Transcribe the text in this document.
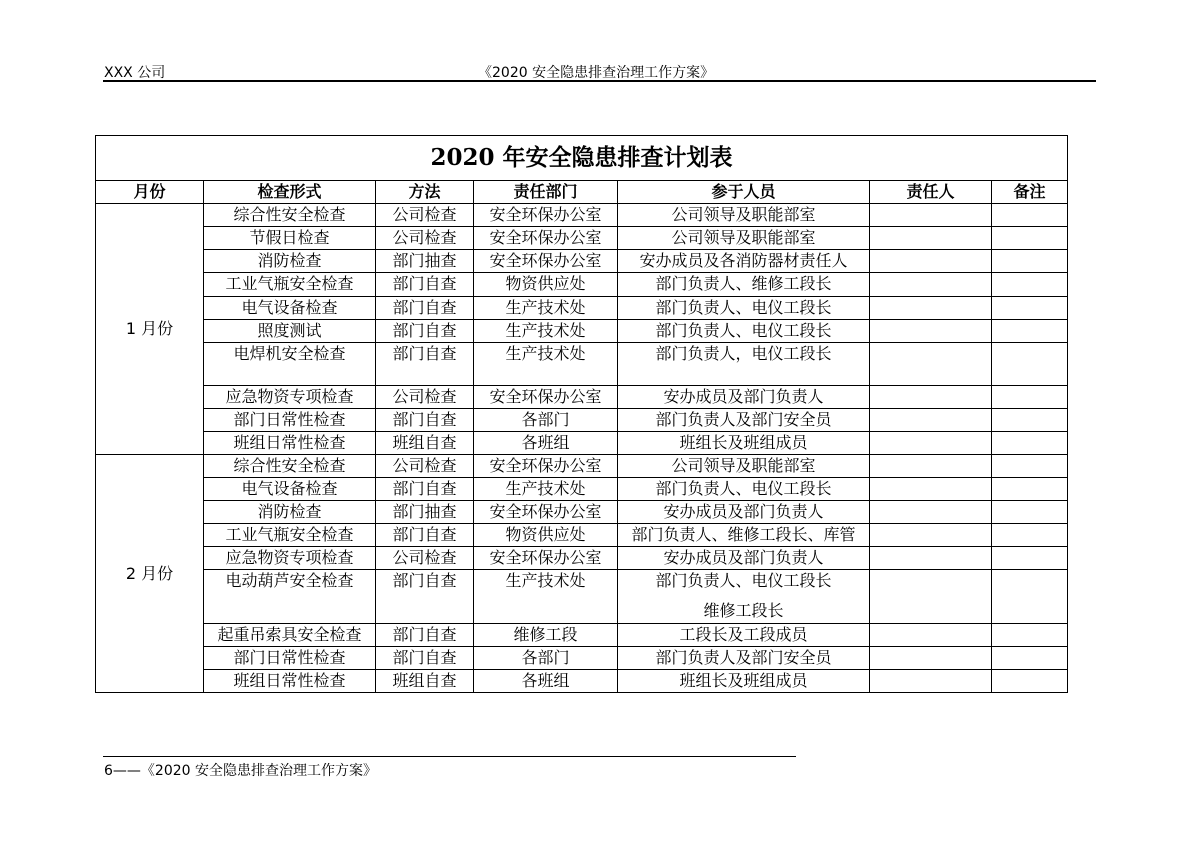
XXX 公司	《2020 安全隐患排查治理工作方案》
2020 年安全隐患排查计划表						
月份	检查形式	方法	责任部门	参于人员	责任人	备注
1 月份	综合性安全检查	公司检查	安全环保办公室	公司领导及职能部室		
	节假日检查	公司检查	安全环保办公室	公司领导及职能部室		
	消防检查	部门抽查	安全环保办公室	安办成员及各消防器材责任人		
	工业气瓶安全检查	部门自查	物资供应处	部门负责人、维修工段长		
	电气设备检查	部门自查	生产技术处	部门负责人、电仪工段长		
	照度测试	部门自查	生产技术处	部门负责人、电仪工段长		
	电焊机安全检查	部门自查	生产技术处	部门负责人，电仪工段长		
	应急物资专项检查	公司检查	安全环保办公室	安办成员及部门负责人		
	部门日常性检查	部门自查	各部门	部门负责人及部门安全员		
	班组日常性检查	班组自查	各班组	班组长及班组成员		
2 月份	综合性安全检查	公司检查	安全环保办公室	公司领导及职能部室		
	电气设备检查	部门自查	生产技术处	部门负责人、电仪工段长		
	消防检查	部门抽查	安全环保办公室	安办成员及部门负责人		
	工业气瓶安全检查	部门自查	物资供应处	部门负责人、维修工段长、库管		
	应急物资专项检查	公司检查	安全环保办公室	安办成员及部门负责人		
	电动葫芦安全检查	部门自查	生产技术处	部门负责人、电仪工段长
维修工段长		

	起重吊索具安全检查	部门自查	维修工段	工段长及工段成员		
	部门日常性检查	部门自查	各部门	部门负责人及部门安全员		
	班组日常性检查	班组自查	各班组	班组长及班组成员		
6——《2020 安全隐患排查治理工作方案》
